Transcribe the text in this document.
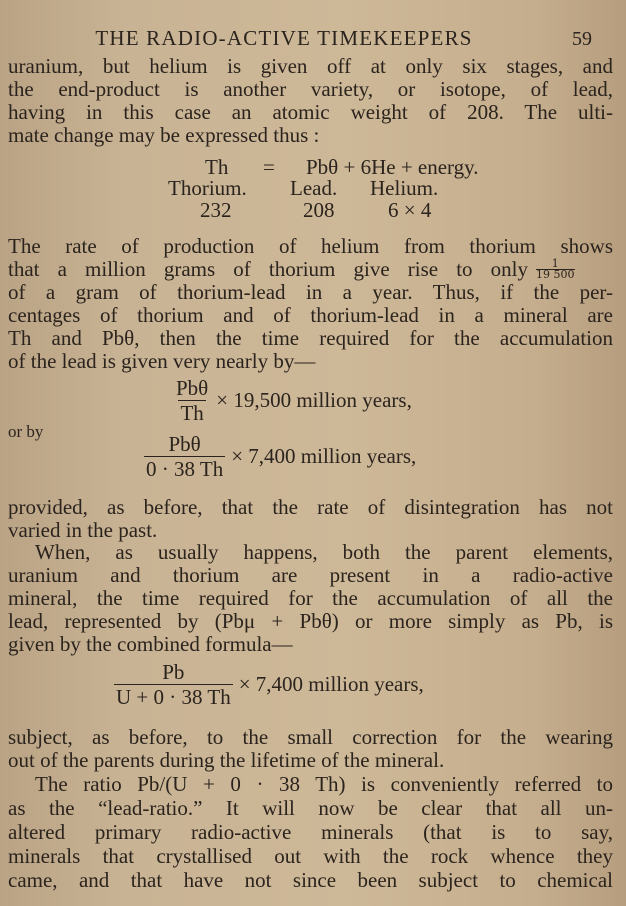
THE RADIO-ACTIVE TIMEKEEPERS	59
uranium, but helium is given off at only six stages, and
the end-product is another variety, or isotope, of lead,
having in this case an atomic weight of 208. The ulti-
mate change may be expressed thus :
Th = Pbθ + 6He + energy.
Thorium. Lead. Helium.
232	208	6 × 4
The rate of production of helium from thorium shows
that a million grams of thorium give rise to only $\frac{1}{19 500}$
of a gram of thorium-lead in a year. Thus, if the per-
centages of thorium and of thorium-lead in a mineral are
Th and Pbθ, then the time required for the accumulation
of the lead is given very nearly by—
$\frac{\text{Pbθ}}{Th} \times 19,500$ million years,
or by
$\frac{\text{Pbθ}}{0 \cdot 38 Th} \times 7,400$ million years,
provided, as before, that the rate of disintegration has not
varied in the past.
When, as usually happens, both the parent elements,
uranium and thorium are present in a radio-active
mineral, the time required for the accumulation of all the
lead, represented by (Pbμ + Pbθ) or more simply as Pb, is
given by the combined formula—
$\frac{Pb}{U + 0 \cdot 38 Th} \times 7,400$ million years,
subject, as before, to the small correction for the wearing
out of the parents during the lifetime of the mineral.
The ratio Pb/(U + 0 · 38 Th) is conveniently referred to
as the “lead-ratio.” It will now be clear that all un-
altered primary radio-active minerals (that is to say,
minerals that crystallised out with the rock whence they
came, and that have not since been subject to chemical
